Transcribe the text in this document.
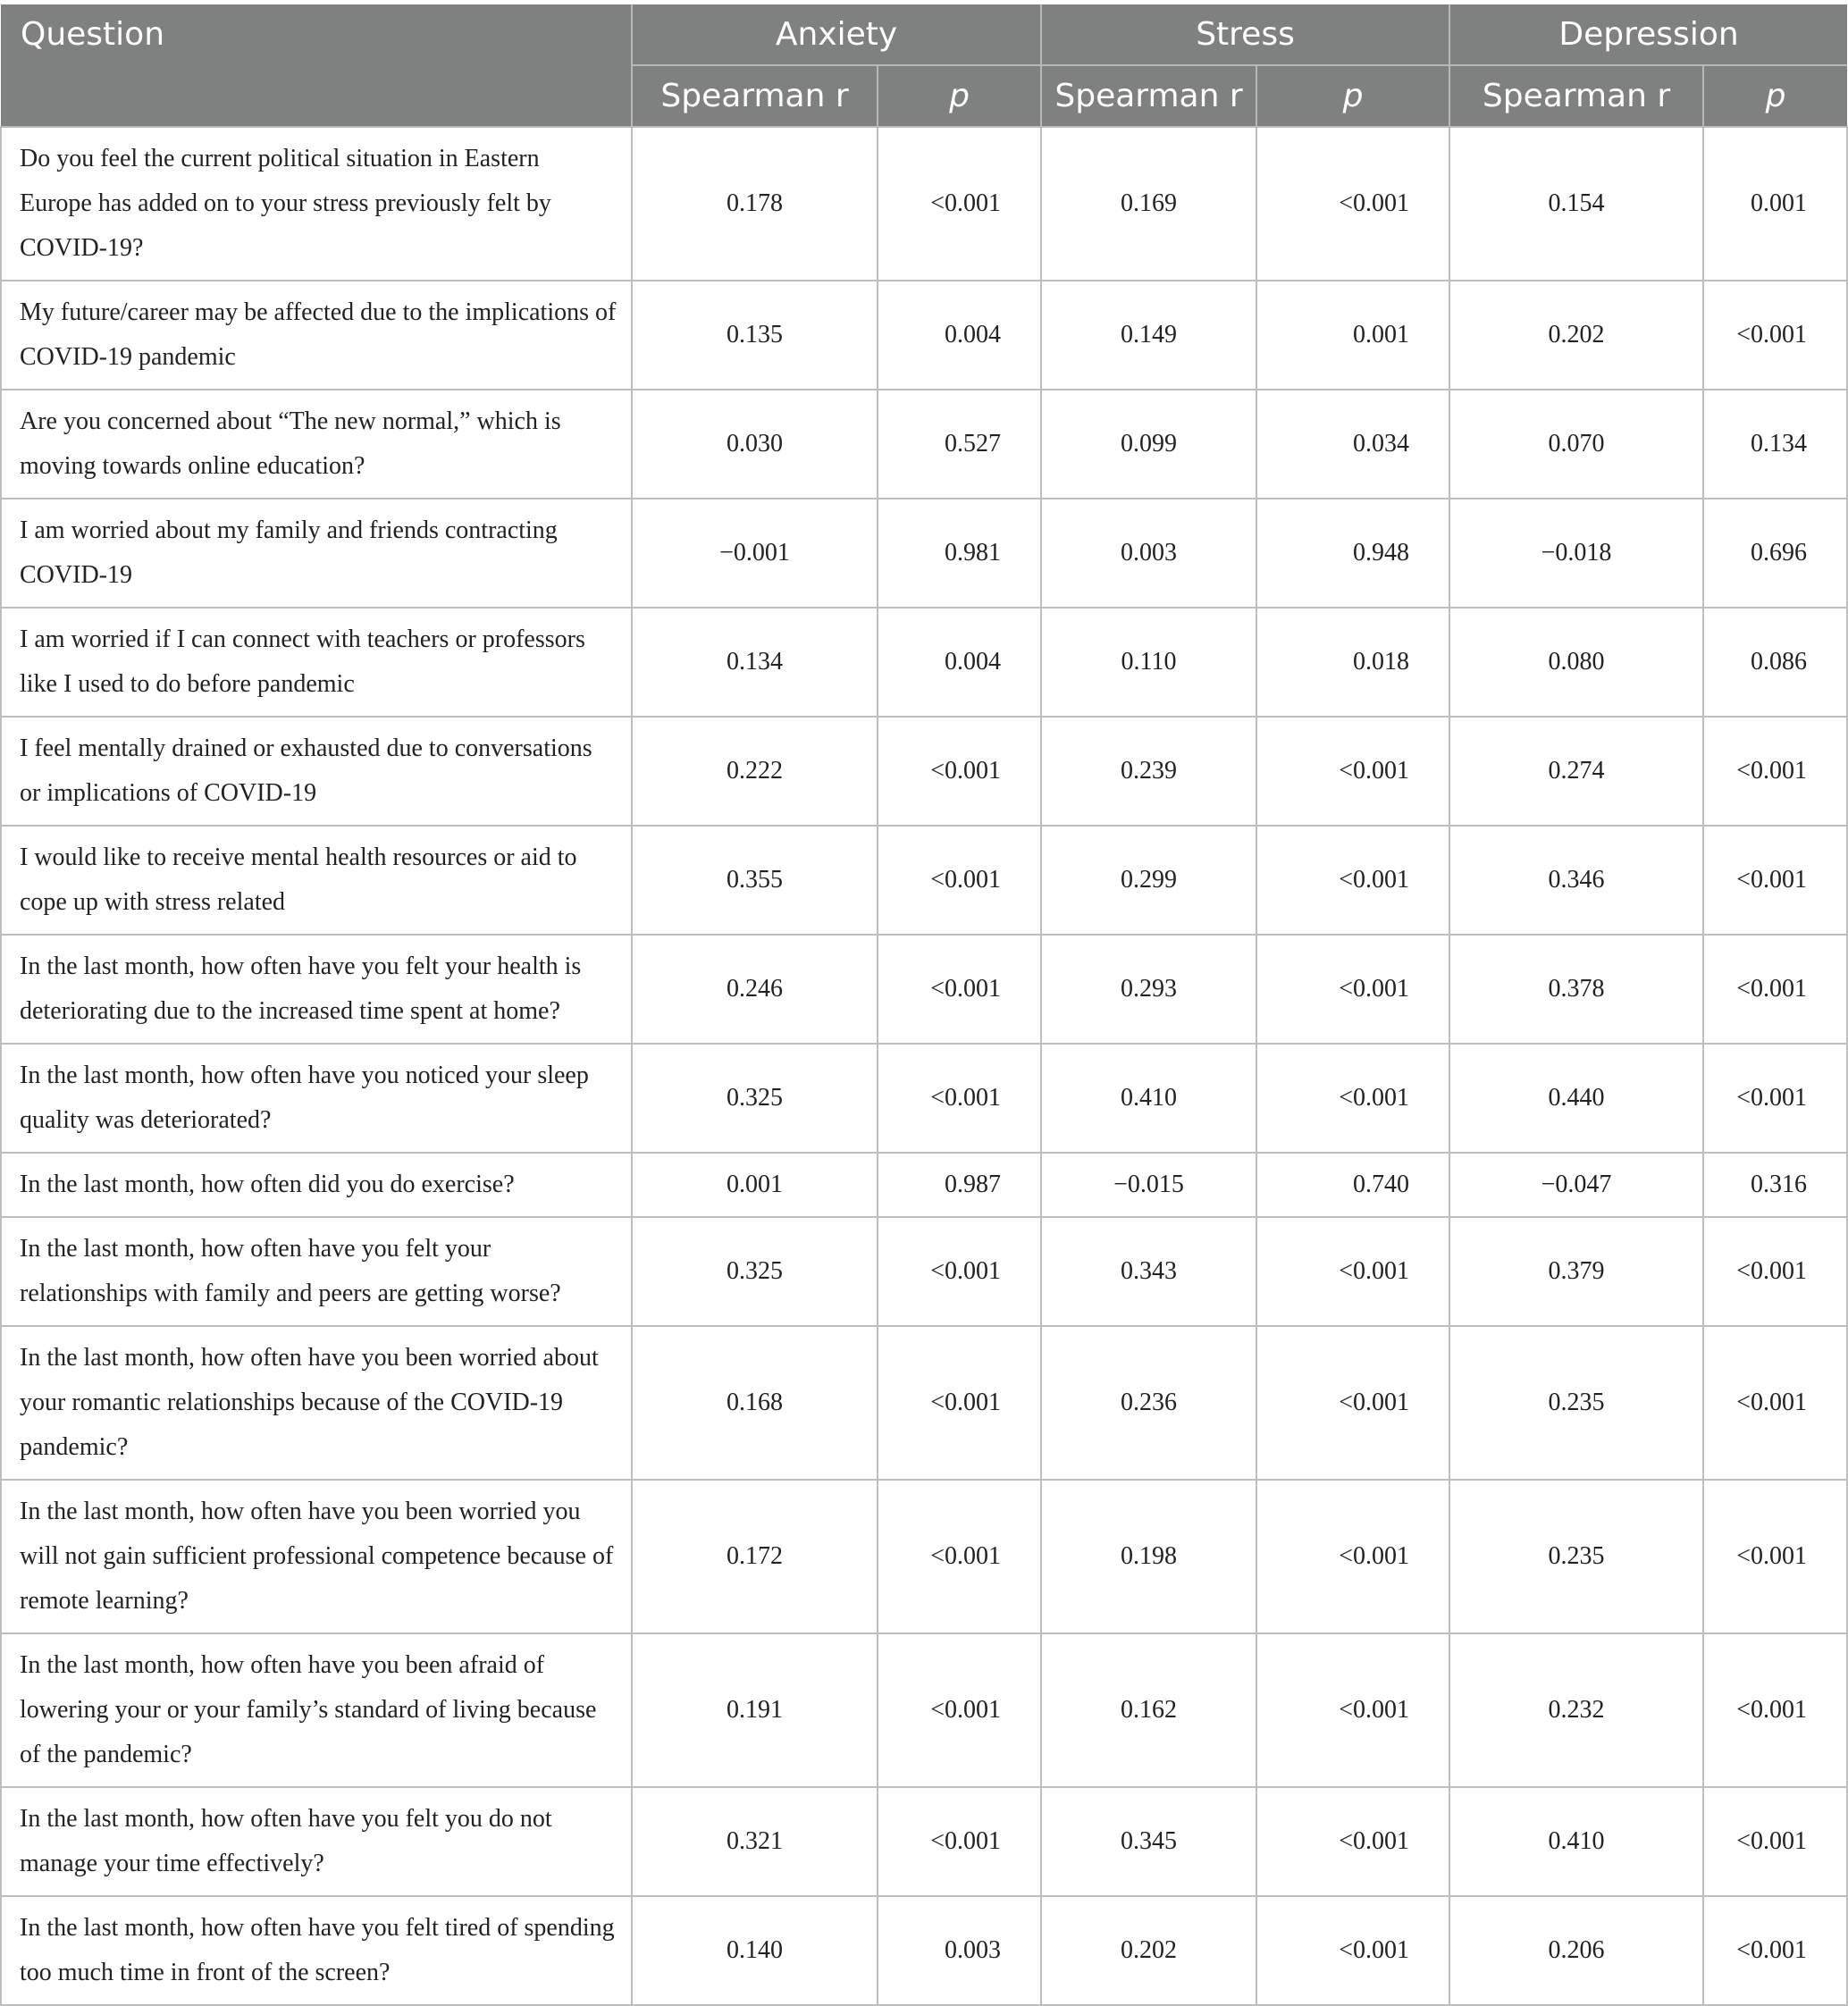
Question	Anxiety		Stress		Depression	
	Spearman r	p	Spearman r	p	Spearman r	p
Do you feel the current political situation in Eastern Europe has added on to your stress previously felt by COVID-19?	0.178	<0.001	0.169	<0.001	0.154	0.001
My future/career may be affected due to the implications of COVID-19 pandemic	0.135	0.004	0.149	0.001	0.202	<0.001
Are you concerned about “The new normal,” which is moving towards online education?	0.030	0.527	0.099	0.034	0.070	0.134
I am worried about my family and friends contracting COVID-19	−0.001	0.981	0.003	0.948	−0.018	0.696
I am worried if I can connect with teachers or professors like I used to do before pandemic	0.134	0.004	0.110	0.018	0.080	0.086
I feel mentally drained or exhausted due to conversations or implications of COVID-19	0.222	<0.001	0.239	<0.001	0.274	<0.001
I would like to receive mental health resources or aid to cope up with stress related	0.355	<0.001	0.299	<0.001	0.346	<0.001
In the last month, how often have you felt your health is deteriorating due to the increased time spent at home?	0.246	<0.001	0.293	<0.001	0.378	<0.001
In the last month, how often have you noticed your sleep quality was deteriorated?	0.325	<0.001	0.410	<0.001	0.440	<0.001
In the last month, how often did you do exercise?	0.001	0.987	−0.015	0.740	−0.047	0.316
In the last month, how often have you felt your relationships with family and peers are getting worse?	0.325	<0.001	0.343	<0.001	0.379	<0.001
In the last month, how often have you been worried about your romantic relationships because of the COVID-19 pandemic?	0.168	<0.001	0.236	<0.001	0.235	<0.001
In the last month, how often have you been worried you will not gain sufficient professional competence because of remote learning?	0.172	<0.001	0.198	<0.001	0.235	<0.001
In the last month, how often have you been afraid of lowering your or your family’s standard of living because of the pandemic?	0.191	<0.001	0.162	<0.001	0.232	<0.001
In the last month, how often have you felt you do not manage your time effectively?	0.321	<0.001	0.345	<0.001	0.410	<0.001
In the last month, how often have you felt tired of spending too much time in front of the screen?	0.140	0.003	0.202	<0.001	0.206	<0.001
